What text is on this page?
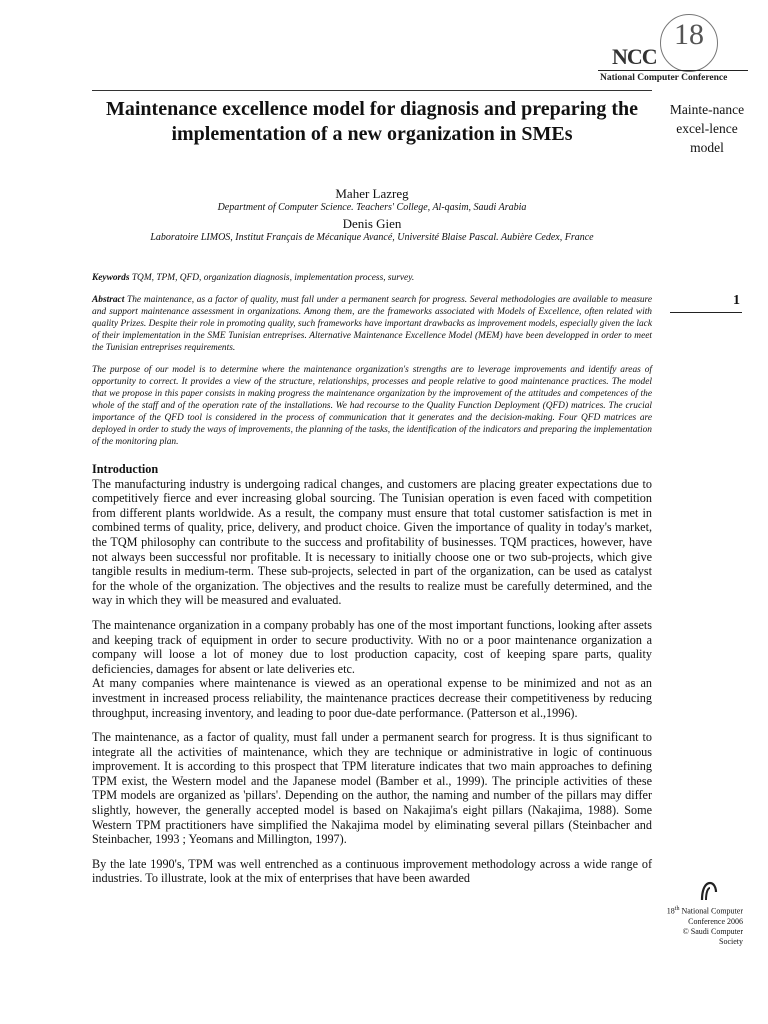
18
NCC
National Computer Conference
Maintenance excellence model for diagnosis and preparing the implementation of a new organization in SMEs
Maher Lazreg
Department of Computer Science. Teachers' College, Al-qasim, Saudi Arabia
Denis Gien
Laboratoire LIMOS, Institut Français de Mécanique Avancé, Université Blaise Pascal. Aubière Cedex, France
Mainte-nance excel-lence model
1
18th National Computer Conference 2006
© Saudi Computer Society

Keywords TQM, TPM, QFD, organization diagnosis, implementation process, survey.

Abstract The maintenance, as a factor of quality, must fall under a permanent search for progress. Several methodologies are available to measure and support maintenance assessment in organizations. Among them, are the frameworks associated with Models of Excellence, often related with quality Prizes. Despite their role in promoting quality, such frameworks have important drawbacks as improvement models, especially given the lack of their implementation in the SME Tunisian entreprises. Alternative Maintenance Excellence Model (MEM) have been developped in order to meet the Tunisian entreprises requirements.

The purpose of our model is to determine where the maintenance organization's strengths are to leverage improvements and identify areas of opportunity to correct. It provides a view of the structure, relationships, processes and people relative to good maintenance practices. The model that we propose in this paper consists in making progress the maintenance organization by the improvement of the attitudes and competences of the whole of the staff and of the operation rate of the installations. We had recourse to the Quality Function Deployment (QFD) matrices. The crucial importance of the QFD tool is considered in the process of communication that it generates and the decision-making. Four QFD matrices are deployed in order to study the ways of improvements, the planning of the tasks, the identification of the indicators and preparing the implementation of the monitoring plan.

Introduction

The manufacturing industry is undergoing radical changes, and customers are placing greater expectations due to competitively fierce and ever increasing global sourcing. The Tunisian operation is even faced with competition from different plants worldwide. As a result, the company must ensure that total customer satisfaction is met in combined terms of quality, price, delivery, and product choice. Given the importance of quality in today's market, the TQM philosophy can contribute to the success and profitability of businesses. TQM practices, however, have not always been successful nor profitable. It is necessary to initially choose one or two sub-projects, which give tangible results in medium-term. These sub-projects, selected in part of the organization, can be used as catalyst for the whole of the organization. The objectives and the results to realize must be carefully determined, and the way in which they will be measured and evaluated.

The maintenance organization in a company probably has one of the most important functions, looking after assets and keeping track of equipment in order to secure productivity. With no or a poor maintenance organization a company will loose a lot of money due to lost production capacity, cost of keeping spare parts, quality deficiencies, damages for absent or late deliveries etc.

At many companies where maintenance is viewed as an operational expense to be minimized and not as an investment in increased process reliability, the maintenance practices decrease their competitiveness by reducing throughput, increasing inventory, and leading to poor due-date performance. (Patterson et al.,1996).

The maintenance, as a factor of quality, must fall under a permanent search for progress. It is thus significant to integrate all the activities of maintenance, which they are technique or administrative in logic of continuous improvement. It is according to this prospect that TPM literature indicates that two main approaches to defining TPM exist, the Western model and the Japanese model (Bamber et al., 1999). The principle activities of these TPM models are organized as 'pillars'. Depending on the author, the naming and number of the pillars may differ slightly, however, the generally accepted model is based on Nakajima's eight pillars (Nakajima, 1988). Some Western TPM practitioners have simplified the Nakajima model by eliminating several pillars (Steinbacher and Steinbacher, 1993 ; Yeomans and Millington, 1997).

By the late 1990's, TPM was well entrenched as a continuous improvement methodology across a wide range of industries. To illustrate, look at the mix of enterprises that have been awarded
